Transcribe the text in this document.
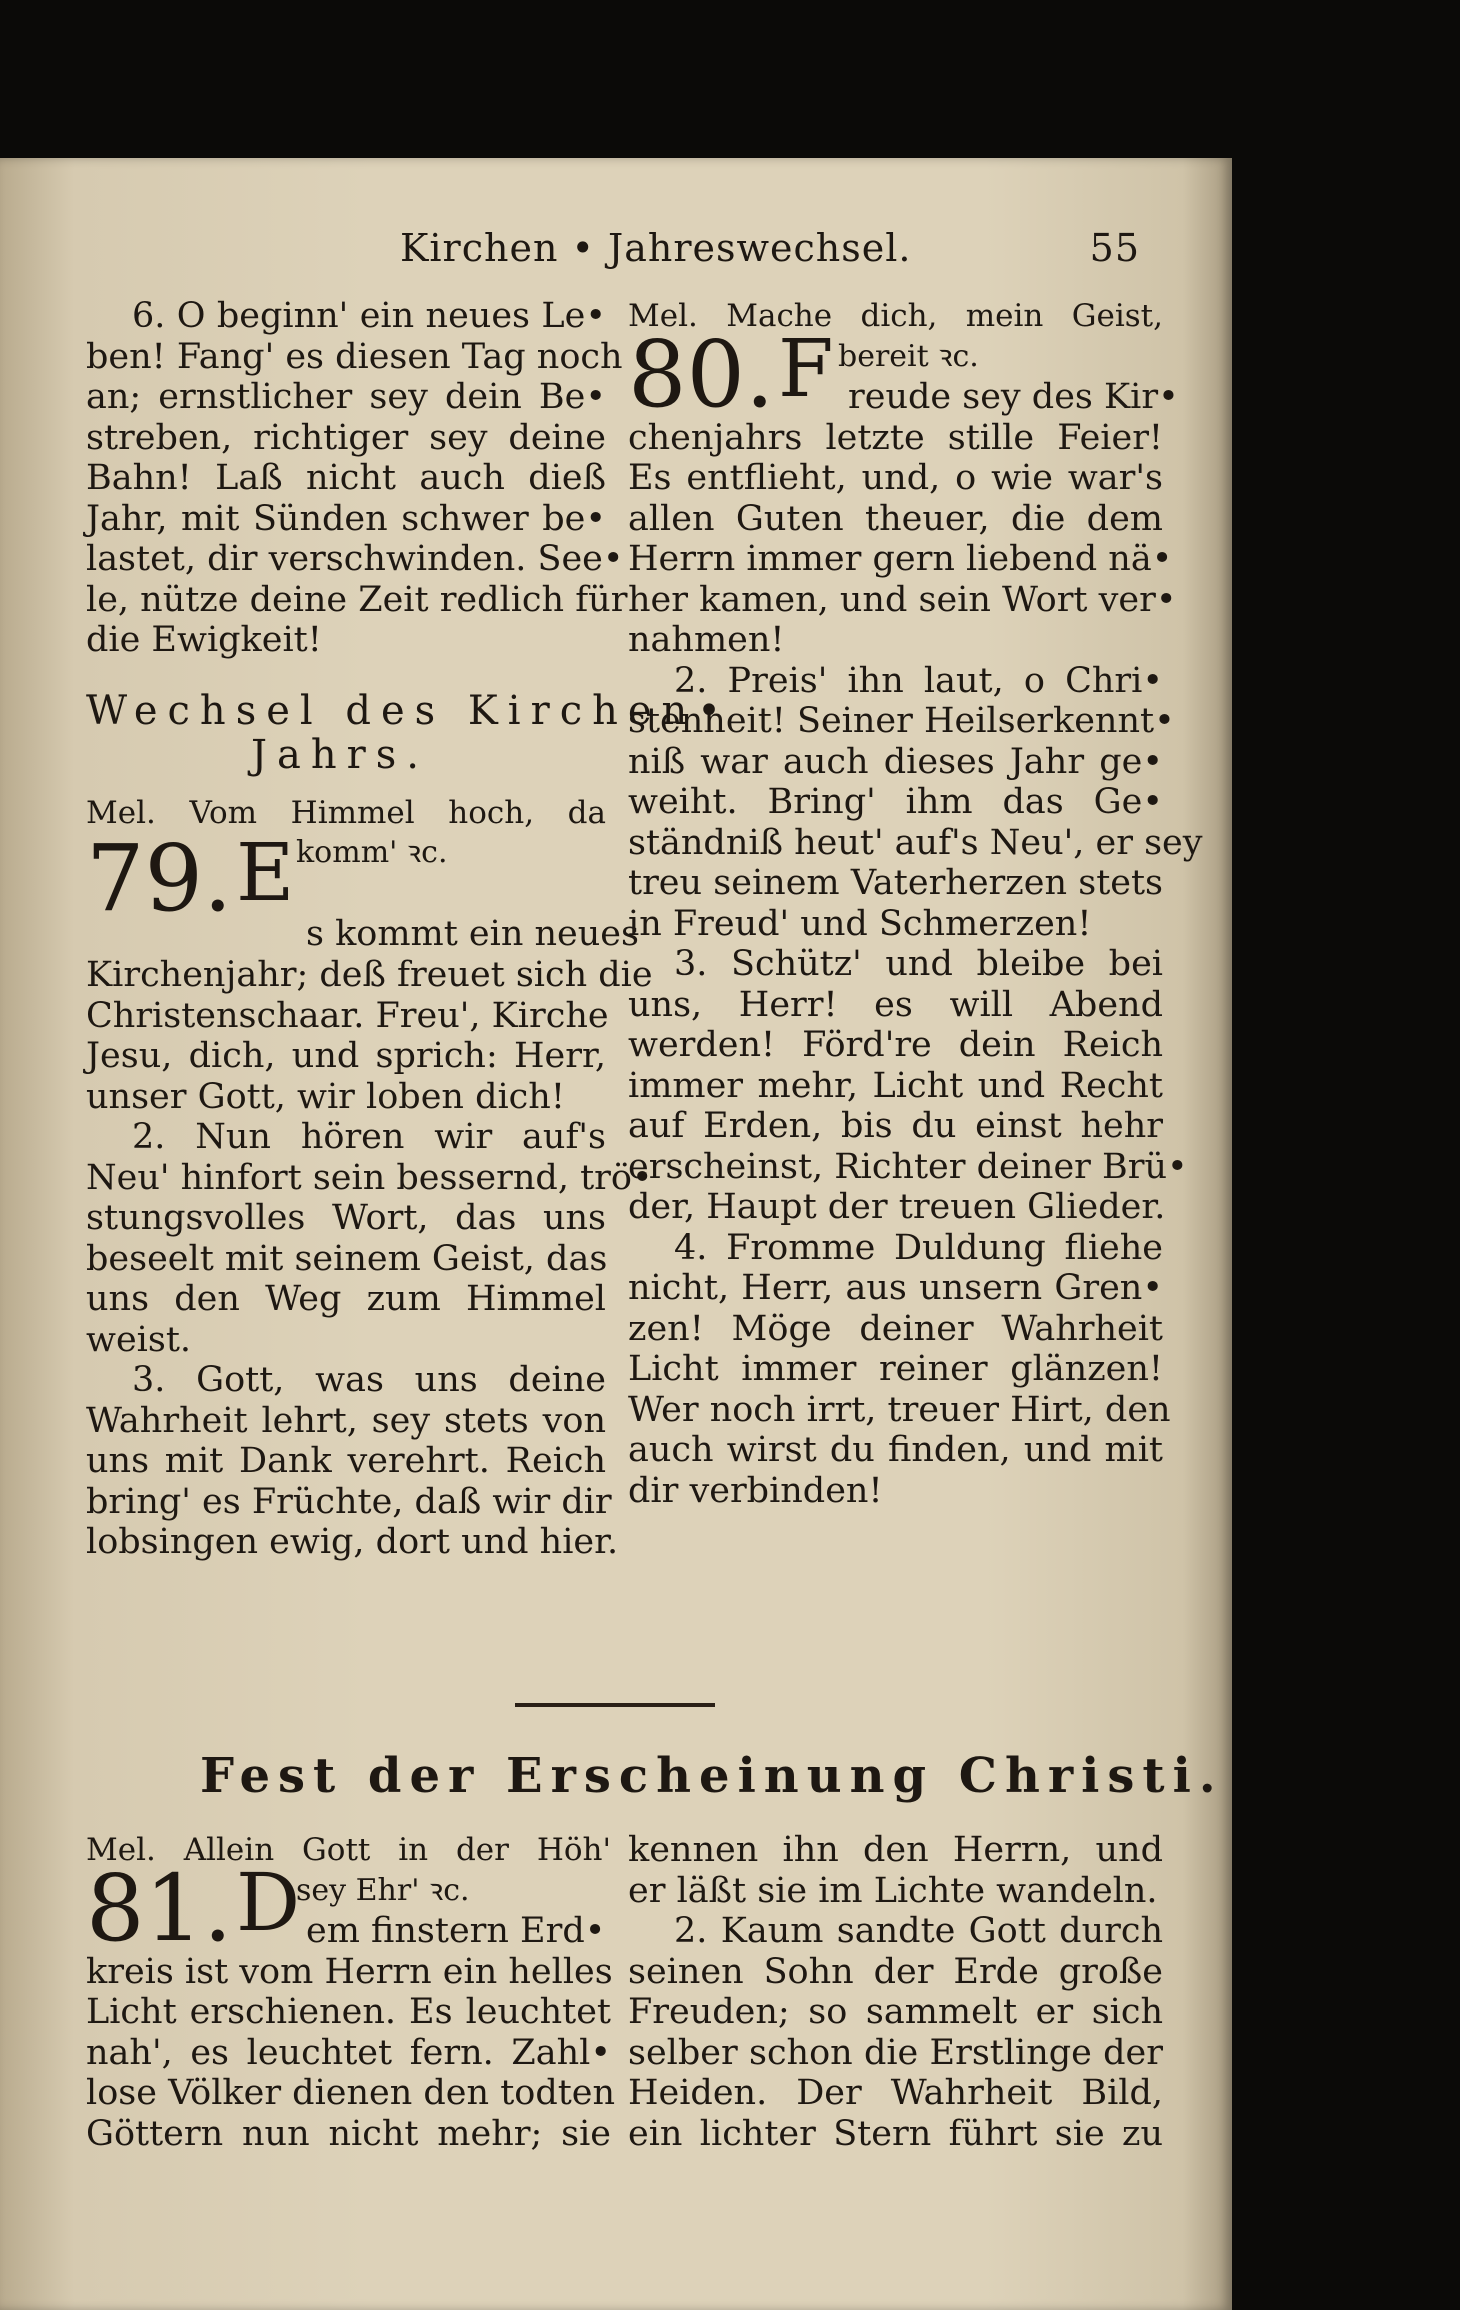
Kirchen • Jahreswechsel.	55
6. O beginn' ein neues Le•
ben! Fang' es diesen Tag noch
an; ernstlicher sey dein Be•
streben, richtiger sey deine
Bahn! Laß nicht auch dieß
Jahr, mit Sünden schwer be•
lastet, dir verschwinden. See•
le, nütze deine Zeit redlich für
die Ewigkeit!
Wechsel des Kirchen•
Jahrs.
Mel. Vom Himmel hoch, da
79. E komm' ꝛc.
s kommt ein neues
Kirchenjahr; deß freuet sich die
Christenschaar. Freu', Kirche
Jesu, dich, und sprich: Herr,
unser Gott, wir loben dich!
2. Nun hören wir auf's
Neu' hinfort sein bessernd, trö•
stungsvolles Wort, das uns
beseelt mit seinem Geist, das
uns den Weg zum Himmel
weist.
3. Gott, was uns deine
Wahrheit lehrt, sey stets von
uns mit Dank verehrt. Reich
bring' es Früchte, daß wir dir
lobsingen ewig, dort und hier.
Mel. Mache dich, mein Geist,
80. F bereit ꝛc.
reude sey des Kir•
chenjahrs letzte stille Feier!
Es entflieht, und, o wie war's
allen Guten theuer, die dem
Herrn immer gern liebend nä•
her kamen, und sein Wort ver•
nahmen!
2. Preis' ihn laut, o Chri•
stenheit! Seiner Heilserkennt•
niß war auch dieses Jahr ge•
weiht. Bring' ihm das Ge•
ständniß heut' auf's Neu', er sey
treu seinem Vaterherzen stets
in Freud' und Schmerzen!
3. Schütz' und bleibe bei
uns, Herr! es will Abend
werden! Förd're dein Reich
immer mehr, Licht und Recht
auf Erden, bis du einst hehr
erscheinst, Richter deiner Brü•
der, Haupt der treuen Glieder.
4. Fromme Duldung fliehe
nicht, Herr, aus unsern Gren•
zen! Möge deiner Wahrheit
Licht immer reiner glänzen!
Wer noch irrt, treuer Hirt, den
auch wirst du finden, und mit
dir verbinden!
Fest der Erscheinung Christi.
Mel. Allein Gott in der Höh'
81. D
sey Ehr' ꝛc.
em finstern Erd•
kreis ist vom Herrn ein helles
Licht erschienen. Es leuchtet
nah', es leuchtet fern. Zahl•
lose Völker dienen den todten
Göttern nun nicht mehr; sie
kennen ihn den Herrn, und
er läßt sie im Lichte wandeln.
2. Kaum sandte Gott durch
seinen Sohn der Erde große
Freuden; so sammelt er sich
selber schon die Erstlinge der
Heiden. Der Wahrheit Bild,
ein lichter Stern führt sie zu
